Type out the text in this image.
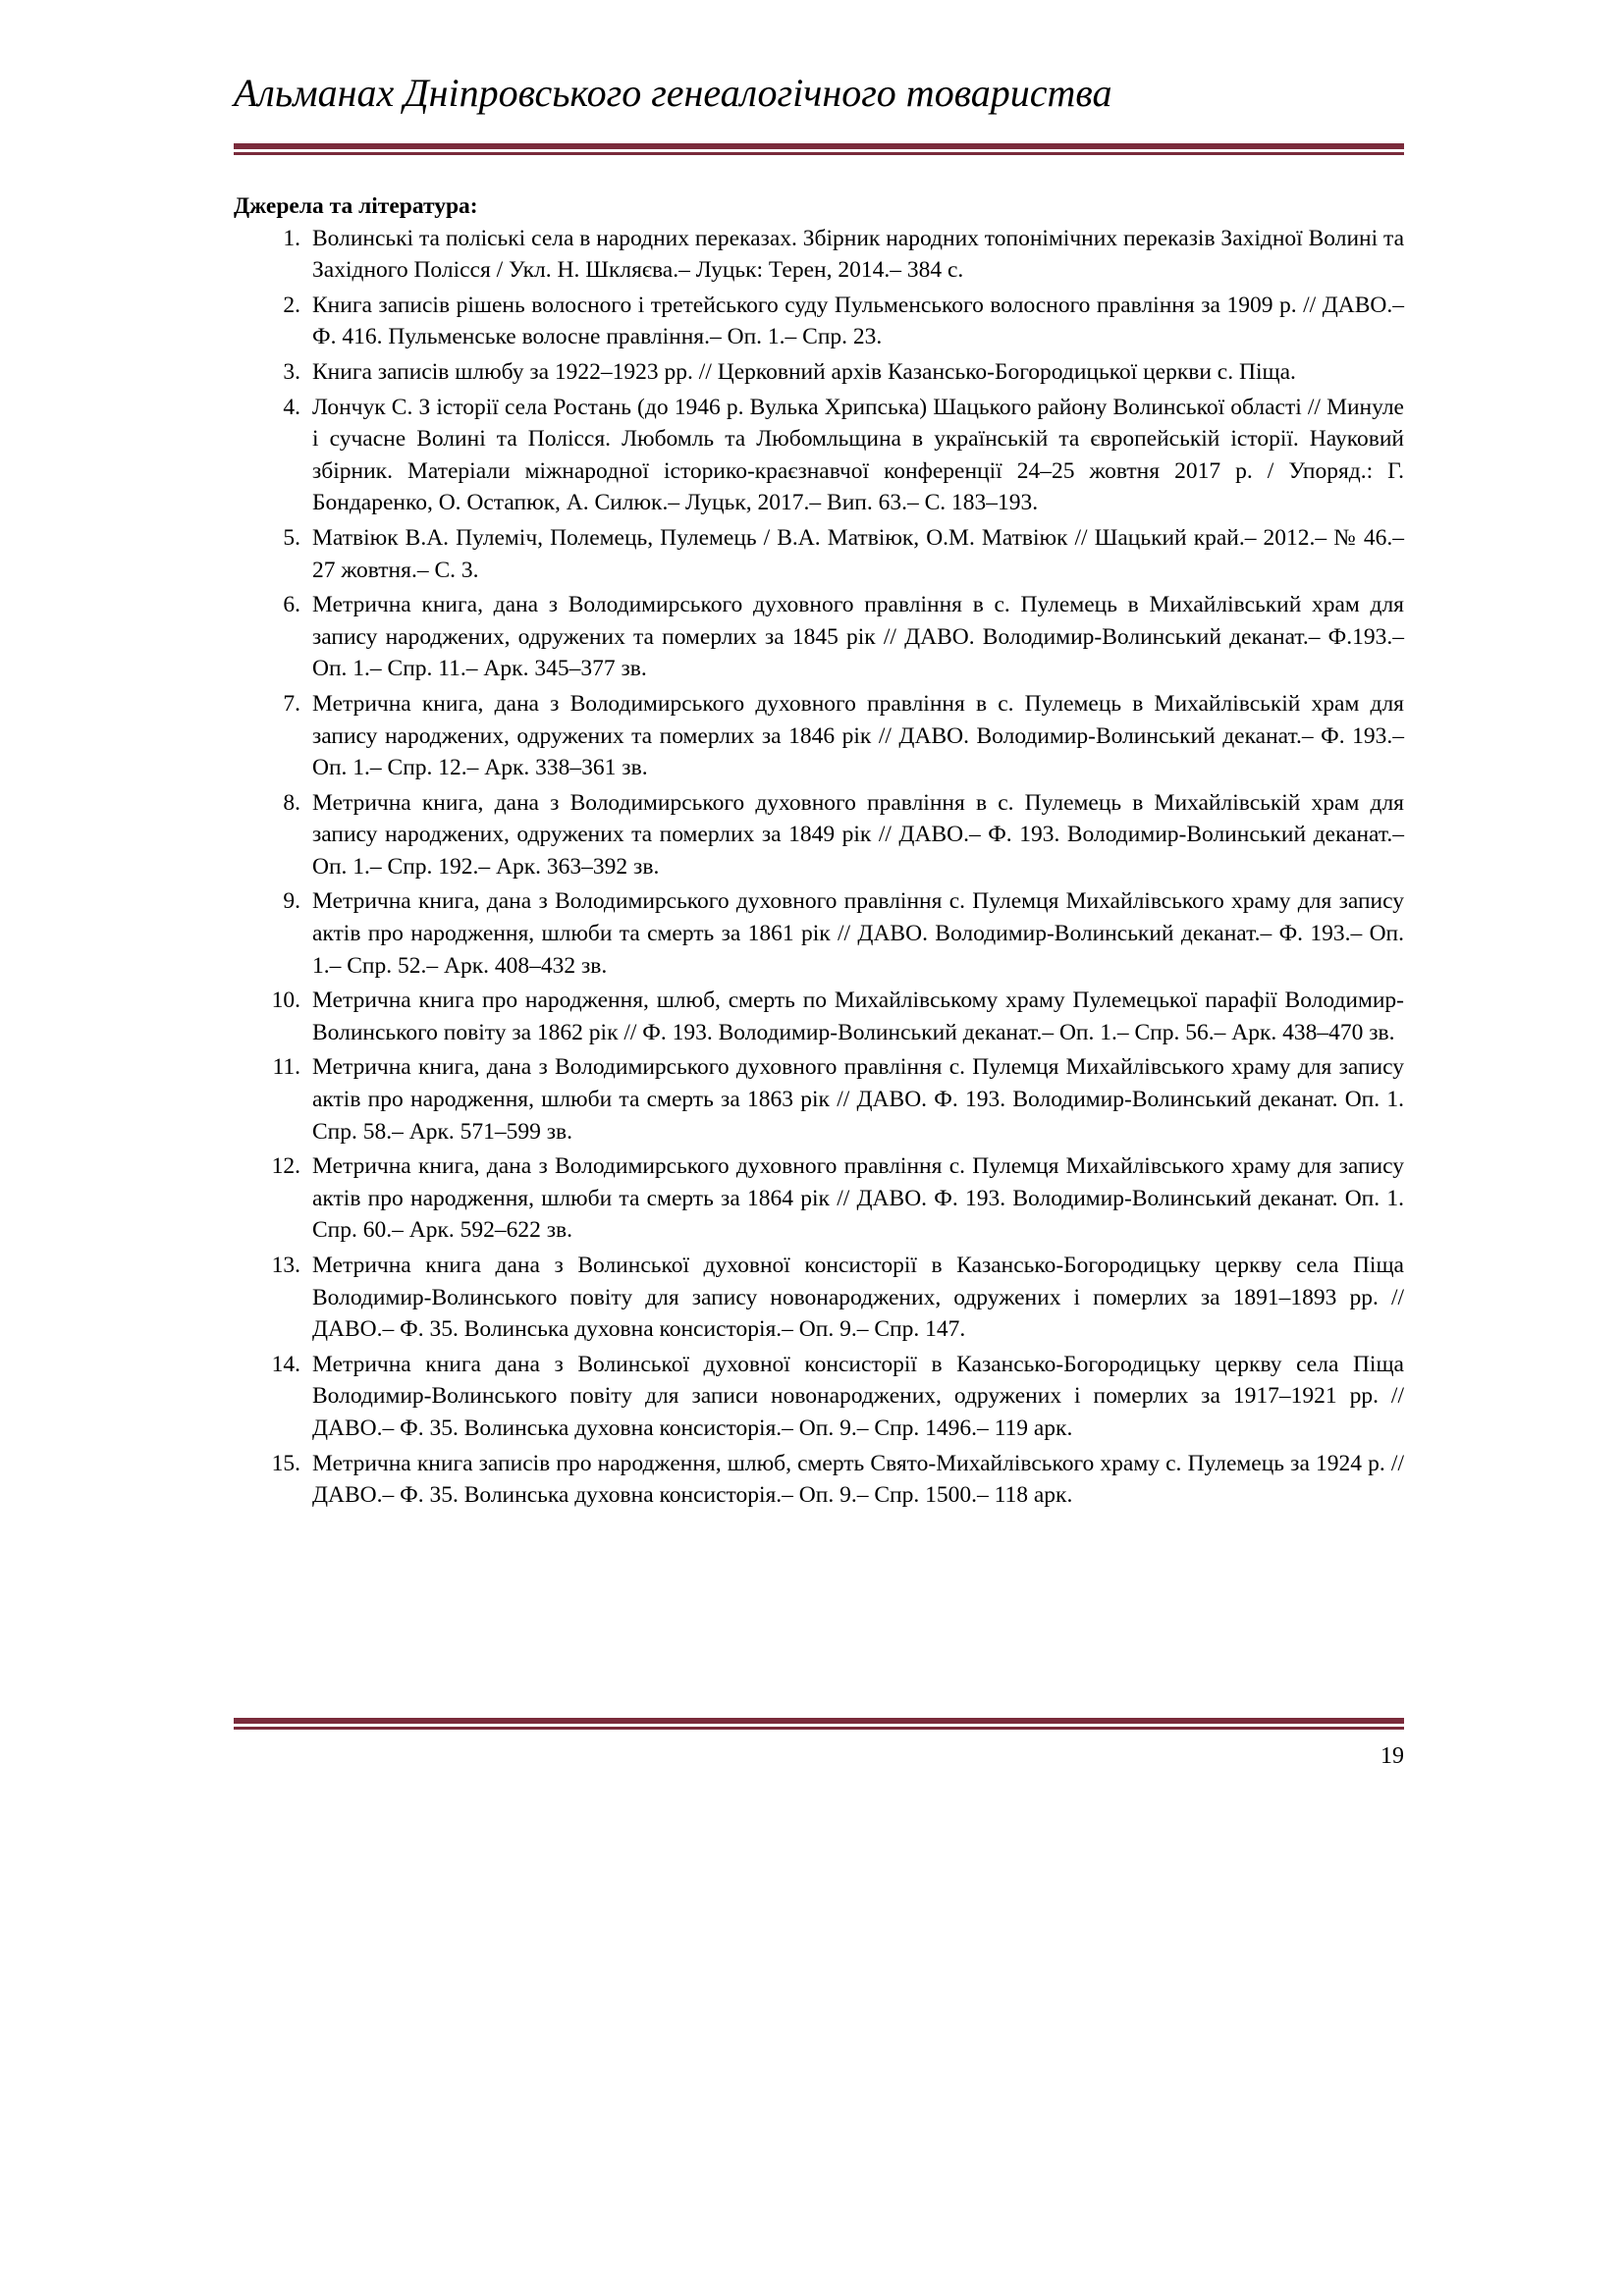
Альманах Дніпровського генеалогічного товариства

Джерела та література:

1. Волинські та поліські села в народних переказах. Збірник народних топонімічних переказів Західної Волині та Західного Полісся / Укл. Н. Шкляєва.– Луцьк: Терен, 2014.– 384 с.
2. Книга записів рішень волосного і третейського суду Пульменського волосного правління за 1909 р. // ДАВО.– Ф. 416. Пульменське волосне правління.– Оп. 1.– Спр. 23.
3. Книга записів шлюбу за 1922–1923 рр. // Церковний архів Казансько-Богородицької церкви с. Піща.
4. Лончук С. З історії села Ростань (до 1946 р. Вулька Хрипська) Шацького району Волинської області // Минуле і сучасне Волині та Полісся. Любомль та Любомльщина в українській та європейській історії. Науковий збірник. Матеріали міжнародної історико-краєзнавчої конференції 24–25 жовтня 2017 р. / Упоряд.: Г. Бондаренко, О. Остапюк, А. Силюк.– Луцьк, 2017.– Вип. 63.– С. 183–193.
5. Матвіюк В.А. Пулеміч, Полемець, Пулемець / В.А. Матвіюк, О.М. Матвіюк // Шацький край.– 2012.– № 46.– 27 жовтня.– С. 3.
6. Метрична книга, дана з Володимирського духовного правління в с. Пулемець в Михайлівський храм для запису народжених, одружених та померлих за 1845 рік // ДАВО. Володимир-Волинський деканат.– Ф.193.– Оп. 1.– Спр. 11.– Арк. 345–377 зв.
7. Метрична книга, дана з Володимирського духовного правління в с. Пулемець в Михайлівській храм для запису народжених, одружених та померлих за 1846 рік // ДАВО. Володимир-Волинський деканат.– Ф. 193.– Оп. 1.– Спр. 12.– Арк. 338–361 зв.
8. Метрична книга, дана з Володимирського духовного правління в с. Пулемець в Михайлівській храм для запису народжених, одружених та померлих за 1849 рік // ДАВО.– Ф. 193. Володимир-Волинський деканат.– Оп. 1.– Спр. 192.– Арк. 363–392 зв.
9. Метрична книга, дана з Володимирського духовного правління с. Пулемця Михайлівського храму для запису актів про народження, шлюби та смерть за 1861 рік // ДАВО. Володимир-Волинський деканат.– Ф. 193.– Оп. 1.– Спр. 52.– Арк. 408–432 зв.
10. Метрична книга про народження, шлюб, смерть по Михайлівському храму Пулемецької парафії Володимир-Волинського повіту за 1862 рік // Ф. 193. Володимир-Волинський деканат.– Оп. 1.– Спр. 56.– Арк. 438–470 зв.
11. Метрична книга, дана з Володимирського духовного правління с. Пулемця Михайлівського храму для запису актів про народження, шлюби та смерть за 1863 рік // ДАВО. Ф. 193. Володимир-Волинський деканат. Оп. 1. Спр. 58.– Арк. 571–599 зв.
12. Метрична книга, дана з Володимирського духовного правління с. Пулемця Михайлівського храму для запису актів про народження, шлюби та смерть за 1864 рік // ДАВО. Ф. 193. Володимир-Волинський деканат. Оп. 1. Спр. 60.– Арк. 592–622 зв.
13. Метрична книга дана з Волинської духовної консисторії в Казансько-Богородицьку церкву села Піща Володимир-Волинського повіту для запису новонароджених, одружених і померлих за 1891–1893 рр. // ДАВО.– Ф. 35. Волинська духовна консисторія.– Оп. 9.– Спр. 147.
14. Метрична книга дана з Волинської духовної консисторії в Казансько-Богородицьку церкву села Піща Володимир-Волинського повіту для записи новонароджених, одружених і померлих за 1917–1921 рр. // ДАВО.– Ф. 35. Волинська духовна консисторія.– Оп. 9.– Спр. 1496.– 119 арк.
15. Метрична книга записів про народження, шлюб, смерть Свято-Михайлівського храму с. Пулемець за 1924 р. // ДАВО.– Ф. 35. Волинська духовна консисторія.– Оп. 9.– Спр. 1500.– 118 арк.
19
